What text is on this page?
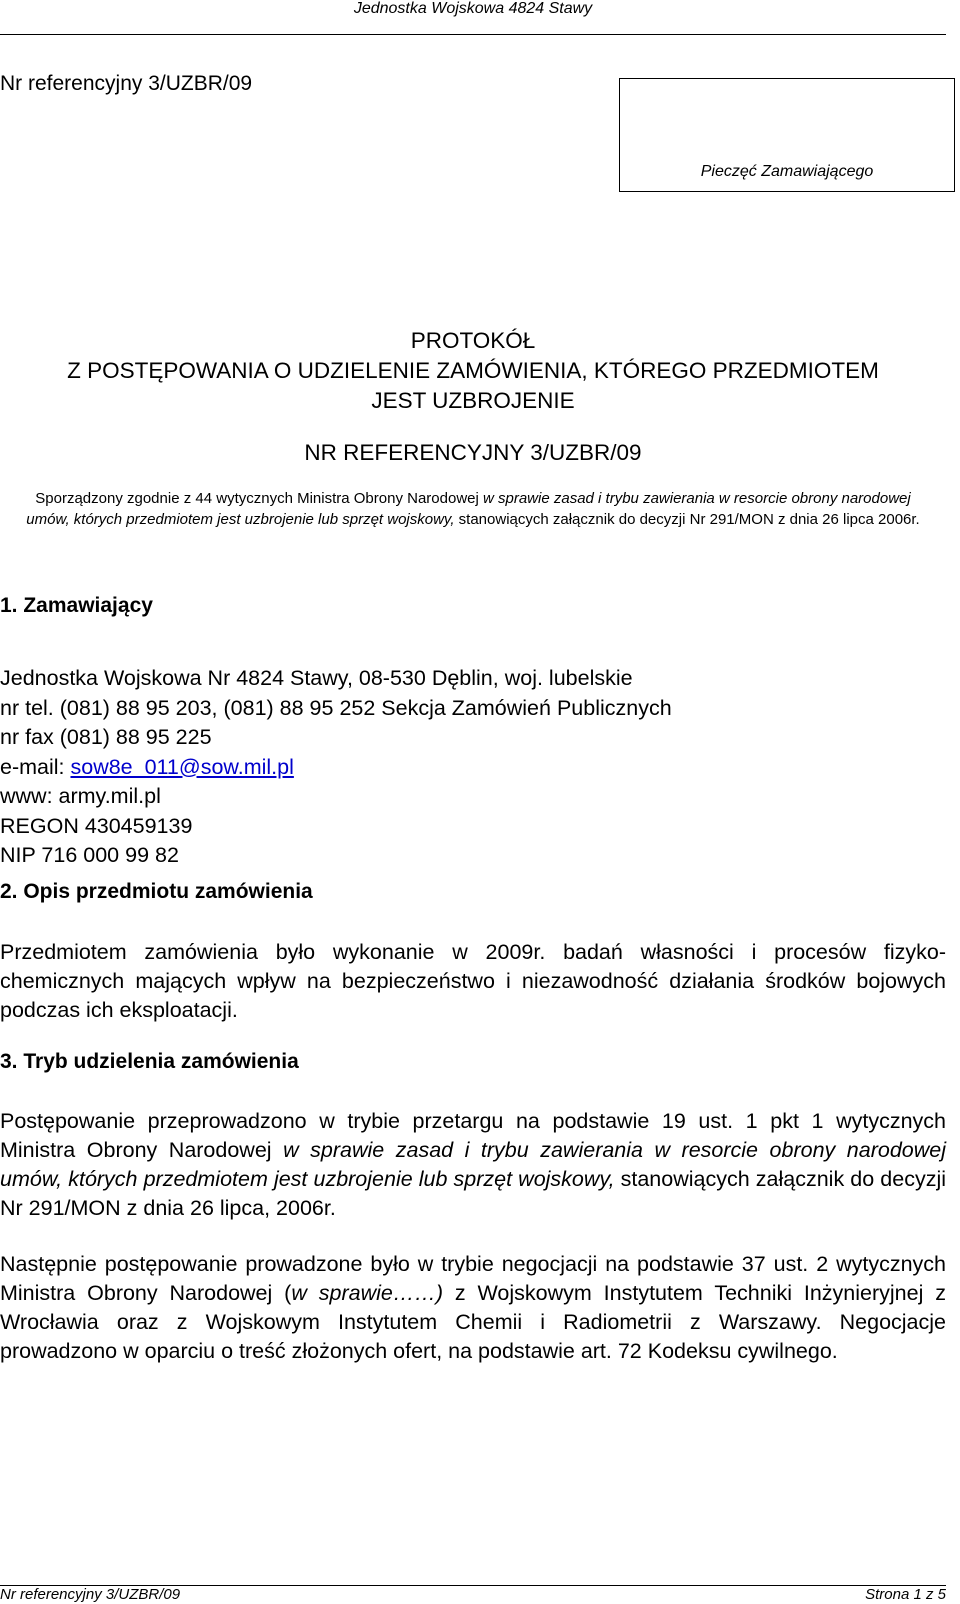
Jednostka Wojskowa 4824 Stawy
Nr referencyjny 3/UZBR/09
Pieczęć Zamawiającego
PROTOKÓŁ
Z POSTĘPOWANIA O UDZIELENIE ZAMÓWIENIA, KTÓREGO PRZEDMIOTEM
JEST UZBROJENIE
NR REFERENCYJNY 3/UZBR/09
Sporządzony zgodnie z 44 wytycznych Ministra Obrony Narodowej w sprawie zasad i trybu zawierania w resorcie obrony narodowej umów, których przedmiotem jest uzbrojenie lub sprzęt wojskowy, stanowiących załącznik do decyzji Nr 291/MON z dnia 26 lipca 2006r.
1. Zamawiający
Jednostka Wojskowa Nr 4824 Stawy, 08-530 Dęblin, woj. lubelskie
nr tel. (081) 88 95 203, (081) 88 95 252 Sekcja Zamówień Publicznych
nr fax (081) 88 95 225
e-mail: sow8e_011@sow.mil.pl
www: army.mil.pl
REGON 430459139
NIP 716 000 99 82
2. Opis przedmiotu zamówienia
Przedmiotem zamówienia było wykonanie w 2009r. badań własności i procesów fizyko-chemicznych mających wpływ na bezpieczeństwo i niezawodność działania środków bojowych podczas ich eksploatacji.
3. Tryb udzielenia zamówienia
Postępowanie przeprowadzono w trybie przetargu na podstawie 19 ust. 1 pkt 1 wytycznych Ministra Obrony Narodowej w sprawie zasad i trybu zawierania w resorcie obrony narodowej umów, których przedmiotem jest uzbrojenie lub sprzęt wojskowy, stanowiących załącznik do decyzji Nr 291/MON z dnia 26 lipca, 2006r.
Następnie postępowanie prowadzone było w trybie negocjacji na podstawie 37 ust. 2 wytycznych Ministra Obrony Narodowej (w sprawie……) z Wojskowym Instytutem Techniki Inżynieryjnej z Wrocławia oraz z Wojskowym Instytutem Chemii i Radiometrii z Warszawy. Negocjacje prowadzono w oparciu o treść złożonych ofert, na podstawie art. 72 Kodeksu cywilnego.
Nr referencyjny 3/UZBR/09	Strona 1 z 5
